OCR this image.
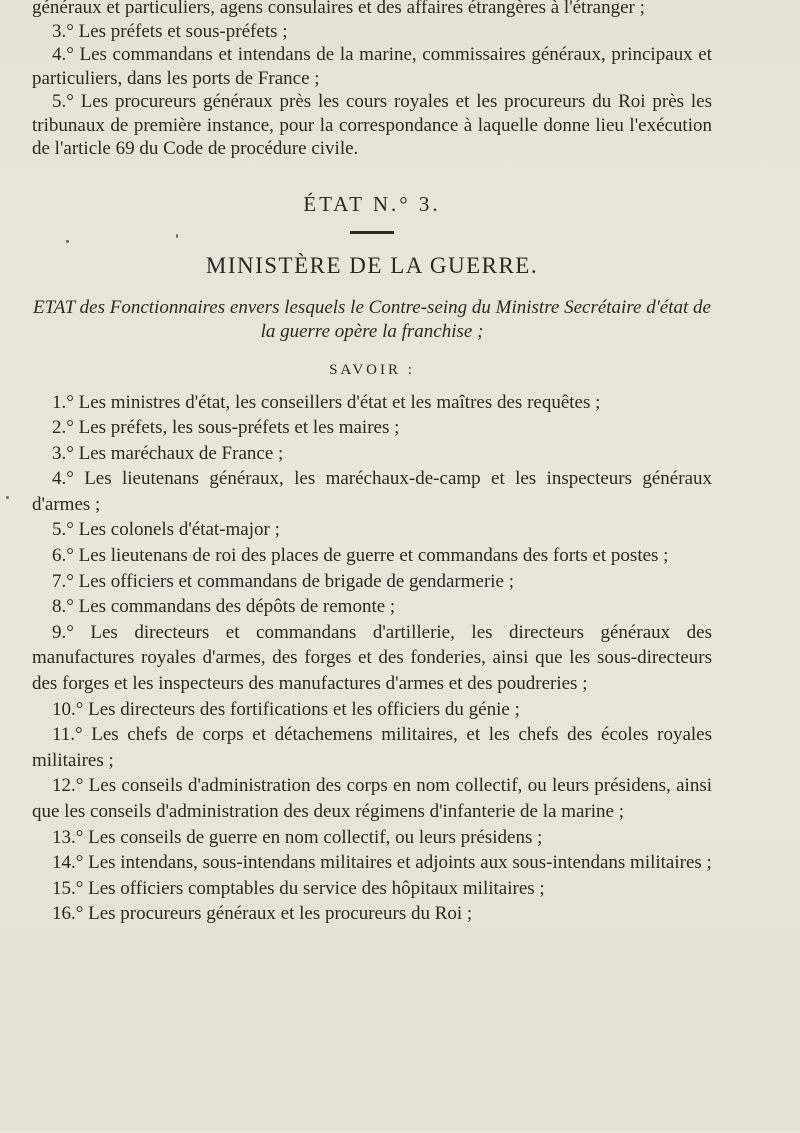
généraux et particuliers, agens consulaires et des affaires étrangères à l'étranger ;

3.° Les préfets et sous-préfets ;

4.° Les commandans et intendans de la marine, commissaires généraux, principaux et particuliers, dans les ports de France ;

5.° Les procureurs généraux près les cours royales et les procureurs du Roi près les tribunaux de première instance, pour la correspondance à laquelle donne lieu l'exécution de l'article 69 du Code de procédure civile.

ÉTAT N.° 3.
MINISTÈRE DE LA GUERRE.
ETAT des Fonctionnaires envers lesquels le Contre-seing du Ministre Secrétaire d'état de la guerre opère la franchise ;
SAVOIR :

1.° Les ministres d'état, les conseillers d'état et les maîtres des requêtes ;

2.° Les préfets, les sous-préfets et les maires ;

3.° Les maréchaux de France ;

4.° Les lieutenans généraux, les maréchaux-de-camp et les inspecteurs généraux d'armes ;

5.° Les colonels d'état-major ;

6.° Les lieutenans de roi des places de guerre et commandans des forts et postes ;

7.° Les officiers et commandans de brigade de gendarmerie ;

8.° Les commandans des dépôts de remonte ;

9.° Les directeurs et commandans d'artillerie, les directeurs généraux des manufactures royales d'armes, des forges et des fonderies, ainsi que les sous-directeurs des forges et les inspecteurs des manufactures d'armes et des poudreries ;

10.° Les directeurs des fortifications et les officiers du génie ;

11.° Les chefs de corps et détachemens militaires, et les chefs des écoles royales militaires ;

12.° Les conseils d'administration des corps en nom collectif, ou leurs présidens, ainsi que les conseils d'administration des deux régimens d'infanterie de la marine ;

13.° Les conseils de guerre en nom collectif, ou leurs présidens ;

14.° Les intendans, sous-intendans militaires et adjoints aux sous-intendans militaires ;

15.° Les officiers comptables du service des hôpitaux militaires ;

16.° Les procureurs généraux et les procureurs du Roi ;
